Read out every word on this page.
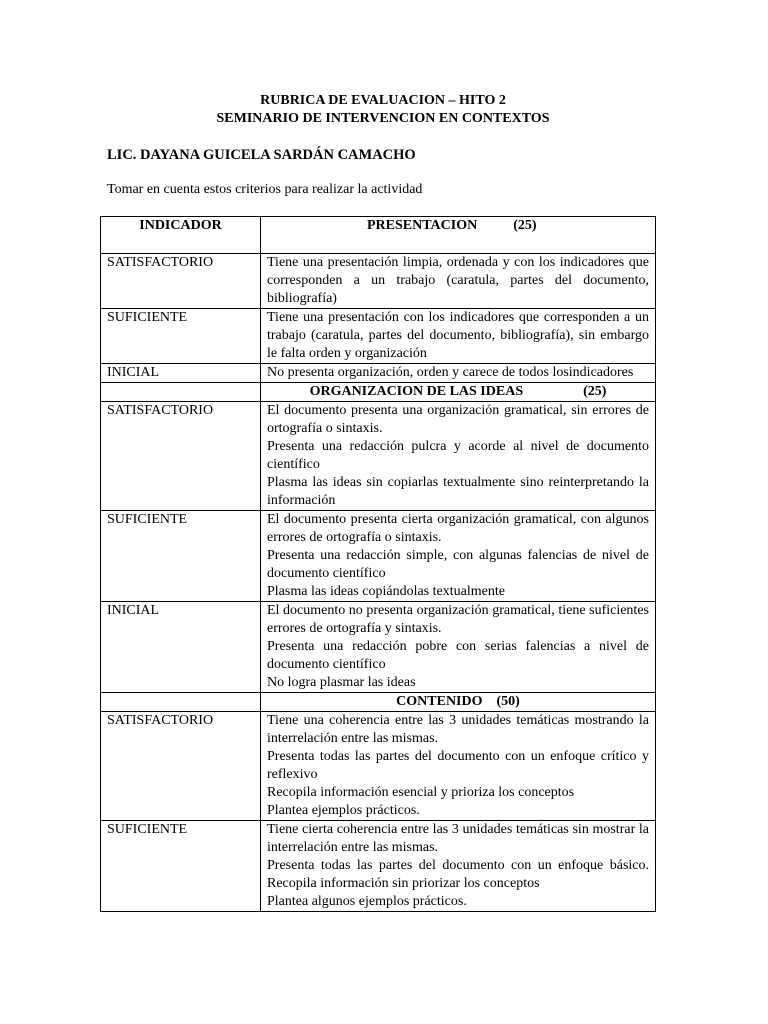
RUBRICA DE EVALUACION – HITO 2
SEMINARIO DE INTERVENCION EN CONTEXTOS
LIC. DAYANA GUICELA SARDÁN CAMACHO
Tomar en cuenta estos criterios para realizar la actividad
INDICADOR	PRESENTACION (25)
SATISFACTORIO	Tiene una presentación limpia, ordenada y con los indicadores que corresponden a un trabajo (caratula, partes del documento, bibliografía)

SUFICIENTE	Tiene una presentación con los indicadores que corresponden a un trabajo (caratula, partes del documento, bibliografía), sin embargo le falta orden y organización

INICIAL	No presenta organización, orden y carece de todos losindicadores

	ORGANIZACION DE LAS IDEAS (25)
SATISFACTORIO	El documento presenta una organización gramatical, sin errores de ortografía o sintaxis.

Presenta una redacción pulcra y acorde al nivel de documento científico

Plasma las ideas sin copiarlas textualmente sino reinterpretando la información

SUFICIENTE	El documento presenta cierta organización gramatical, con algunos errores de ortografía o sintaxis.

Presenta una redacción simple, con algunas falencias de nivel de documento científico

Plasma las ideas copiándolas textualmente

INICIAL	El documento no presenta organización gramatical, tiene suficientes errores de ortografía y sintaxis.

Presenta una redacción pobre con serias falencias a nivel de documento científico

No logra plasmar las ideas

	CONTENIDO (50)
SATISFACTORIO	Tiene una coherencia entre las 3 unidades temáticas mostrando la interrelación entre las mismas.

Presenta todas las partes del documento con un enfoque crítico y reflexivo

Recopila información esencial y prioriza los conceptos

Plantea ejemplos prácticos.

SUFICIENTE	Tiene cierta coherencia entre las 3 unidades temáticas sin mostrar la interrelación entre las mismas.

Presenta todas las partes del documento con un enfoque básico. Recopila información sin priorizar los conceptos

Plantea algunos ejemplos prácticos.
